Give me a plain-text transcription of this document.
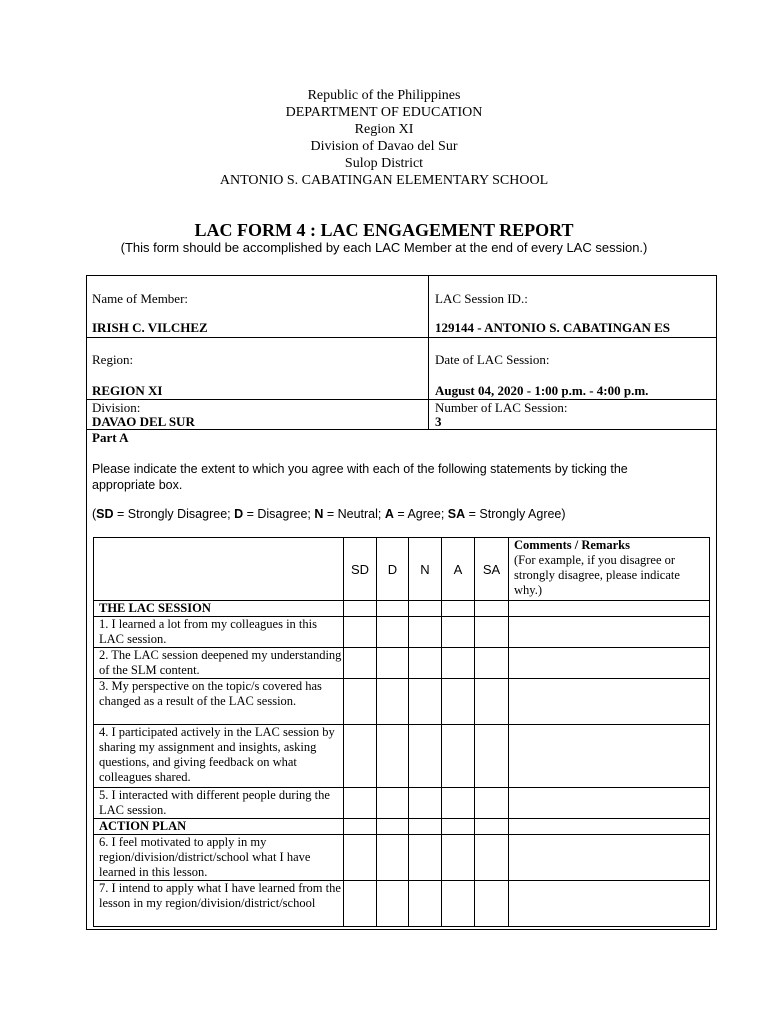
Republic of the Philippines
DEPARTMENT OF EDUCATION
Region XI
Division of Davao del Sur
Sulop District
ANTONIO S. CABATINGAN ELEMENTARY SCHOOL
LAC FORM 4 : LAC ENGAGEMENT REPORT
(This form should be accomplished by each LAC Member at the end of every LAC session.)
Name of Member:
IRISH C. VILCHEZ
LAC Session ID.:
129144 - ANTONIO S. CABATINGAN ES
Region:
REGION XI
Date of LAC Session:
August 04, 2020 - 1:00 p.m. - 4:00 p.m.
Division:
DAVAO DEL SUR
Number of LAC Session:
3
Part A
Please indicate the extent to which you agree with each of the following statements by ticking the appropriate box.
(SD = Strongly Disagree; D = Disagree; N = Neutral; A = Agree; SA = Strongly Agree)
	SD	D	N	A	SA	Comments / Remarks
(For example, if you disagree or strongly disagree, please indicate why.)
THE LAC SESSION						
1. I learned a lot from my colleagues in this LAC session.						
2. The LAC session deepened my understanding of the SLM content.						
3. My perspective on the topic/s covered has changed as a result of the LAC session.						
4. I participated actively in the LAC session by sharing my assignment and insights, asking questions, and giving feedback on what colleagues shared.						
5. I interacted with different people during the LAC session.						
ACTION PLAN						
6. I feel motivated to apply in my region/division/district/school what I have learned in this lesson.						
7. I intend to apply what I have learned from the lesson in my region/division/district/school						
